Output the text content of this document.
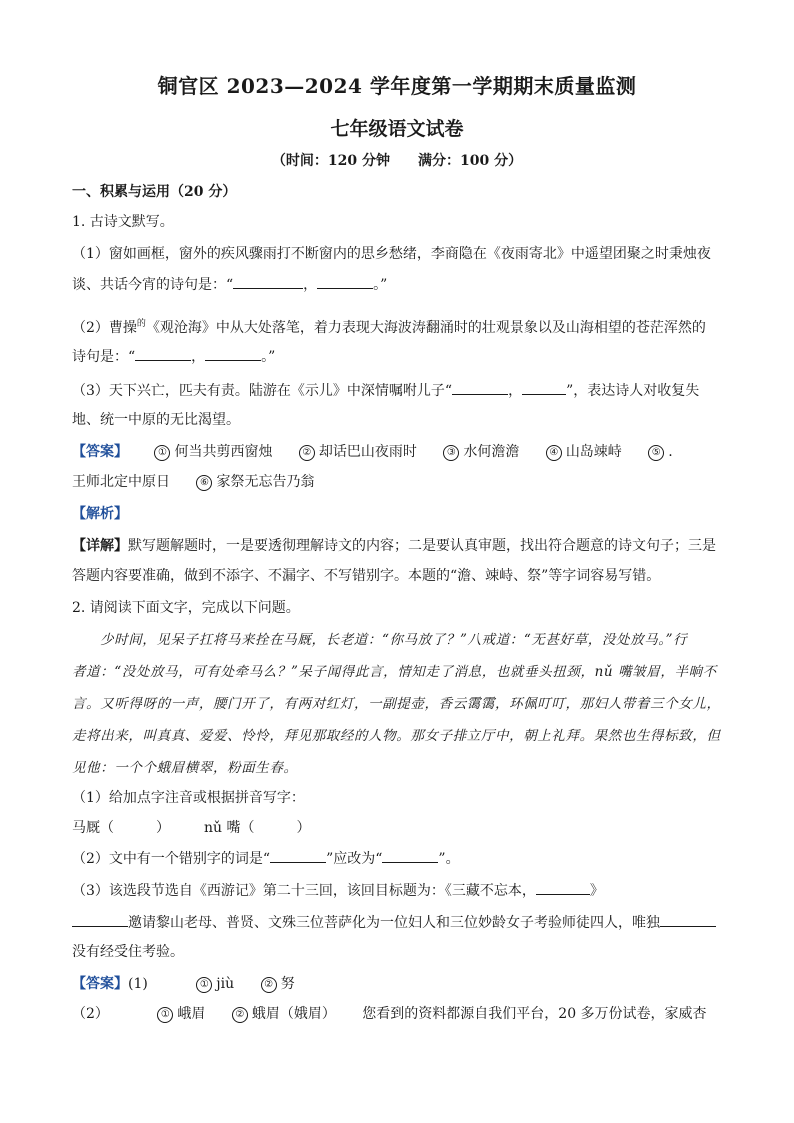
铜官区 2023—2024 学年度第一学期期末质量监测
七年级语文试卷
（时间：120 分钟　　满分：100 分）
一、积累与运用（20 分）
1. 古诗文默写。
（1）窗如画框，窗外的疾风骤雨打不断窗内的思乡愁绪，李商隐在《夜雨寄北》中遥望团聚之时秉烛夜
谈、共话今宵的诗句是：“	，	。”
（2）曹操$^的$《观沧海》中从大处落笔，着力表现大海波涛翻涌时的壮观景象以及山海相望的苍茫浑然的
诗句是：“	，	。”
（3）天下兴亡，匹夫有责。陆游在《示儿》中深情嘱咐儿子“	，	”，表达诗人对收复失
地、统一中原的无比渴望。
【答案】	① 何当共剪西窗烛	② 却话巴山夜雨时	③ 水何澹澹	④ 山岛竦峙	⑤ .
王师北定中原日	⑥ 家祭无忘告乃翁
【解析】
【详解】默写题解题时，一是要透彻理解诗文的内容；二是要认真审题，找出符合题意的诗文句子；三是
答题内容要准确，做到不添字、不漏字、不写错别字。本题的“澹、竦峙、祭”等字词容易写错。
2. 请阅读下面文字，完成以下问题。
少时间，见呆子扛将马来拴在马厩，长老道：“你马放了？”八戒道：“无甚好草，没处放马。”行
者道：“没处放马，可有处牵马么？”呆子闻得此言，情知走了消息，也就垂头扭颈，nǔ 嘴皱眉，半晌不
言。又听得呀的一声，腰门开了，有两对红灯，一副提壶，香云霭霭，环佩叮叮，那妇人带着三个女儿，
走将出来，叫真真、爱爱、怜怜，拜见那取经的人物。那女子排立厅中，朝上礼拜。果然也生得标致，但
见他：一个个蛾眉横翠，粉面生春。
（1）给加点字注音或根据拼音写字：
马厩（　　　） nǔ 嘴（　　　）
（2）文中有一个错别字的词是“	”应改为“	”。
（3）该选段节选自《西游记》第二十三回，该回目标题为：《三藏不忘本，	》
邀请黎山老母、普贤、文殊三位菩萨化为一位妇人和三位妙龄女子考验师徒四人，唯独
没有经受住考验。
【答案】(1)	① jiù	② 努
（2）	① 峨眉	② 蛾眉（娥眉） 您看到的资料都源自我们平台，20 多万份试卷，家威杏
